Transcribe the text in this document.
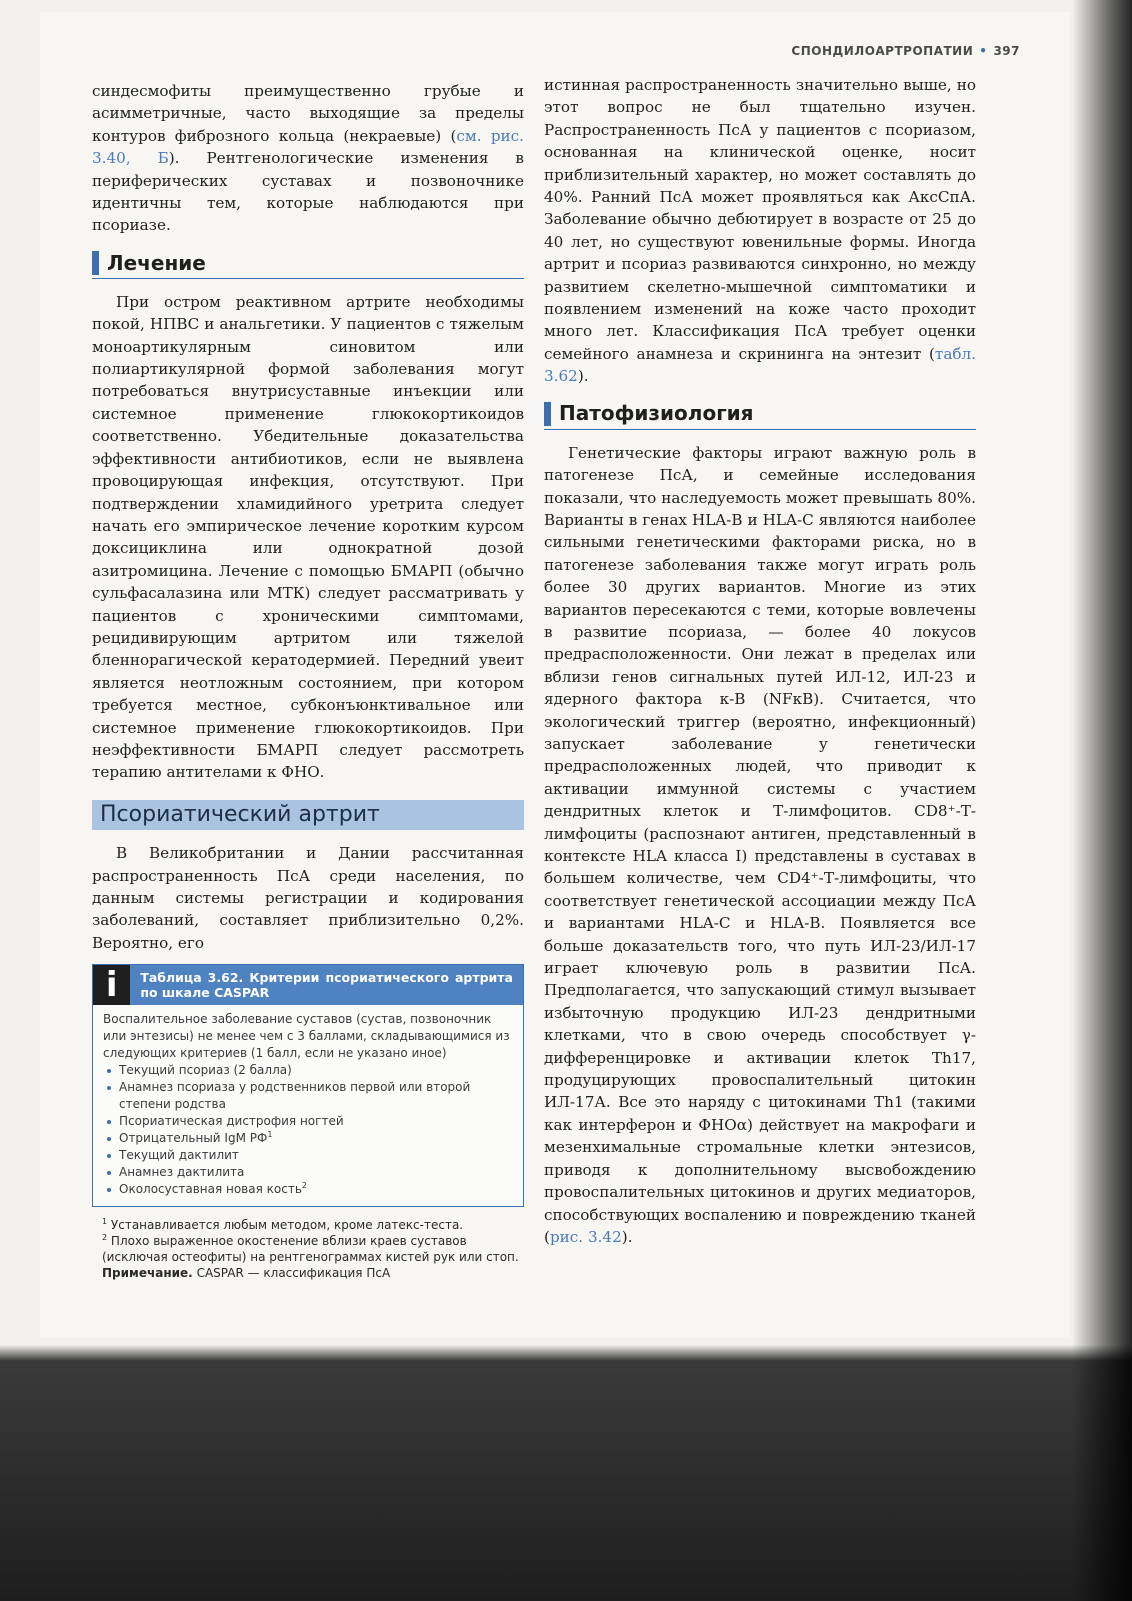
СПОНДИЛОАРТРОПАТИИ • 397

синдесмофиты преимущественно грубые и асимметричные, часто выходящие за пределы контуров фиброзного кольца (некраевые) (см. рис. 3.40, Б). Рентгенологические изменения в периферических суставах и позвоночнике идентичны тем, которые наблюдаются при псориазе.

Лечение

При остром реактивном артрите необходимы покой, НПВС и анальгетики. У пациентов с тяжелым моноартикулярным синовитом или полиартикулярной формой заболевания могут потребоваться внутрисуставные инъекции или системное применение глюкокортикоидов соответственно. Убедительные доказательства эффективности антибиотиков, если не выявлена провоцирующая инфекция, отсутствуют. При подтверждении хламидийного уретрита следует начать его эмпирическое лечение коротким курсом доксициклина или однократной дозой азитромицина. Лечение с помощью БМАРП (обычно сульфасалазина или МТК) следует рассматривать у пациентов с хроническими симптомами, рецидивирующим артритом или тяжелой бленнорагической кератодермией. Передний увеит является неотложным состоянием, при котором требуется местное, субконъюнктивальное или системное применение глюкокортикоидов. При неэффективности БМАРП следует рассмотреть терапию антителами к ФНО.

Псориатический артрит

В Великобритании и Дании рассчитанная распространенность ПсА среди населения, по данным системы регистрации и кодирования заболеваний, составляет приблизительно 0,2%. Вероятно, его

i	Таблица 3.62. Критерии псориатического артрита по шкале CASPAR

Воспалительное заболевание суставов (сустав, позвоночник или энтезисы) не менее чем с 3 баллами, складывающимися из следующих критериев (1 балл, если не указано иное)

Текущий псориаз (2 балла)
Анамнез псориаза у родственников первой или второй степени родства
Псориатическая дистрофия ногтей
Отрицательный IgM $РФ^1$
Текущий дактилит
Анамнез дактилита
Околосуставная новая кость$^2$

$^1$ Устанавливается любым методом, кроме латекс-теста.

$^2$ Плохо выраженное окостенение вблизи краев суставов (исключая остеофиты) на рентгенограммах кистей рук или стоп.

Примечание. CASPAR — классификация ПсА

истинная распространенность значительно выше, но этот вопрос не был тщательно изучен. Распространенность ПсА у пациентов с псориазом, основанная на клинической оценке, носит приблизительный характер, но может составлять до 40%. Ранний ПсА может проявляться как АксСпА. Заболевание обычно дебютирует в возрасте от 25 до 40 лет, но существуют ювенильные формы. Иногда артрит и псориаз развиваются синхронно, но между развитием скелетно-мышечной симптоматики и появлением изменений на коже часто проходит много лет. Классификация ПсА требует оценки семейного анамнеза и скрининга на энтезит (табл. 3.62).

Патофизиология

Генетические факторы играют важную роль в патогенезе ПсА, и семейные исследования показали, что наследуемость может превышать 80%. Варианты в генах HLA-B и HLA-C являются наиболее сильными генетическими факторами риска, но в патогенезе заболевания также могут играть роль более 30 других вариантов. Многие из этих вариантов пересекаются с теми, которые вовлечены в развитие псориаза, — более 40 локусов предрасположенности. Они лежат в пределах или вблизи генов сигнальных путей ИЛ-12, ИЛ-23 и ядерного фактора κ-B (NFκB). Считается, что экологический триггер (вероятно, инфекционный) запускает заболевание у генетически предрасположенных людей, что приводит к активации иммунной системы с участием дендритных клеток и Т-лимфоцитов. CD8⁺-Т-лимфоциты (распознают антиген, представленный в контексте HLA класса I) представлены в суставах в большем количестве, чем CD4⁺-Т-лимфоциты, что соответствует генетической ассоциации между ПсА и вариантами HLA-C и HLA-B. Появляется все больше доказательств того, что путь ИЛ-23/ИЛ-17 играет ключевую роль в развитии ПсА. Предполагается, что запускающий стимул вызывает избыточную продукцию ИЛ-23 дендритными клетками, что в свою очередь способствует γ-дифференцировке и активации клеток Th17, продуцирующих провоспалительный цитокин ИЛ-17А. Все это наряду с цитокинами Th1 (такими как интерферон и ФНОα) действует на макрофаги и мезенхимальные стромальные клетки энтезисов, приводя к дополнительному высвобождению провоспалительных цитокинов и других медиаторов, способствующих воспалению и повреждению тканей (рис. 3.42).
